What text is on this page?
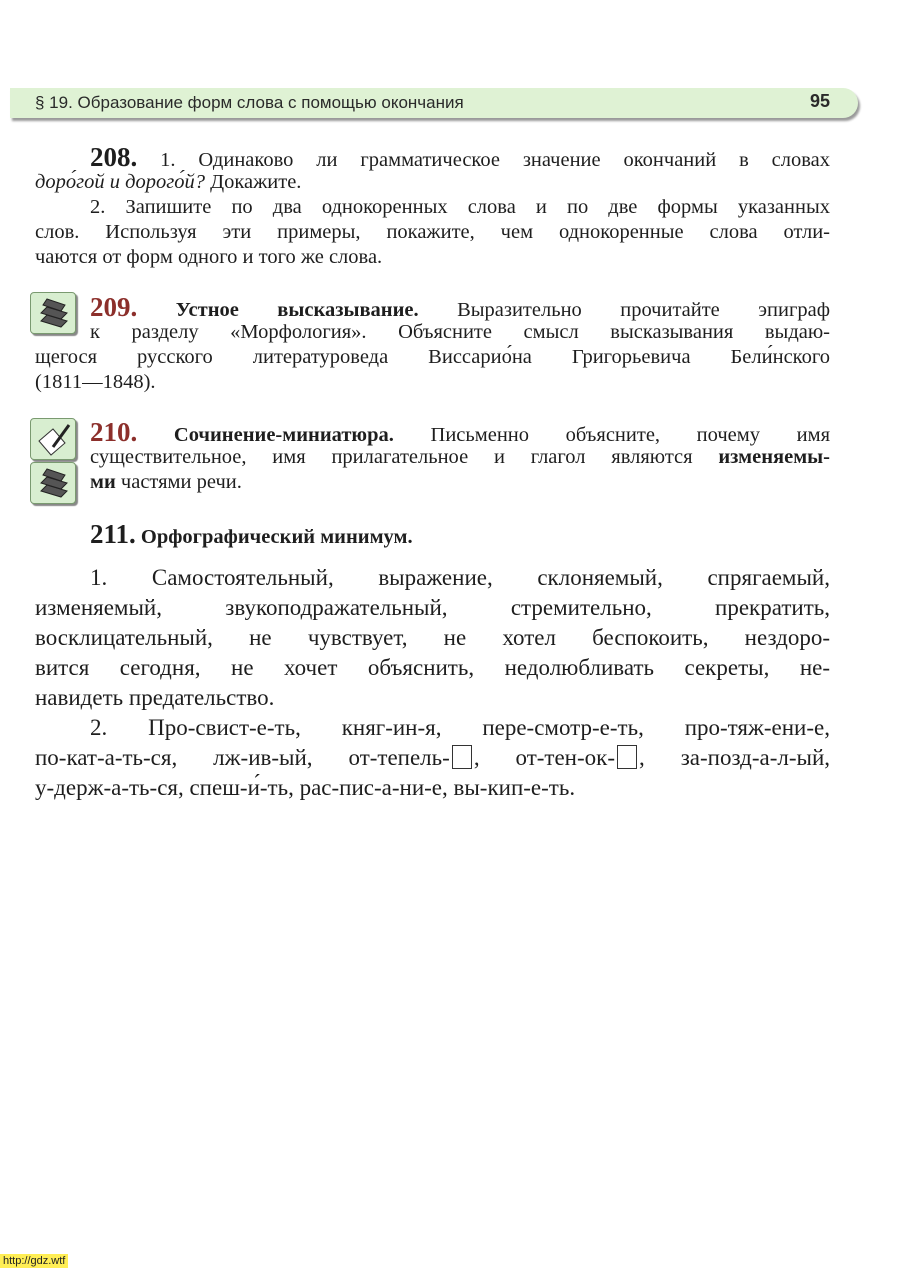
§ 19. Образование форм слова с помощью окончания	95
208. 1. Одинаково ли грамматическое значение окончаний в словах
доро́гой и дорого́й? Докажите.
2. Запишите по два однокоренных слова и по две формы указанных
слов. Используя эти примеры, покажите, чем однокоренные слова отли-
чаются от форм одного и того же слова.
209. Устное высказывание. Выразительно прочитайте эпиграф
к разделу «Морфология». Объясните смысл высказывания выдаю-
щегося русского литературоведа Виссарио́на Григорьевича Бели́нского
(1811—1848).
210. Сочинение-миниатюра. Письменно объясните, почему имя
существительное, имя прилагательное и глагол являются изменяемы-
ми частями речи.
211. Орфографический минимум.
1. Самостоятельный, выражение, склоняемый, спрягаемый,
изменяемый, звукоподражательный, стремительно, прекратить,
восклицательный, не чувствует, не хотел беспокоить, нездоро-
вится сегодня, не хочет объяснить, недолюбливать секреты, не-
навидеть предательство.
2. Про-свист-е-ть, княг-ин-я, пере-смотр-е-ть, про-тяж-ени-е,
по-кат-а-ть-ся, лж-ив-ый, от-тепель- , от-тен-ок- , за-позд-а-л-ый,
у-держ-а-ть-ся, спеш-и́-ть, рас-пис-а-ни-е, вы-кип-е-ть.
http://gdz.wtf
